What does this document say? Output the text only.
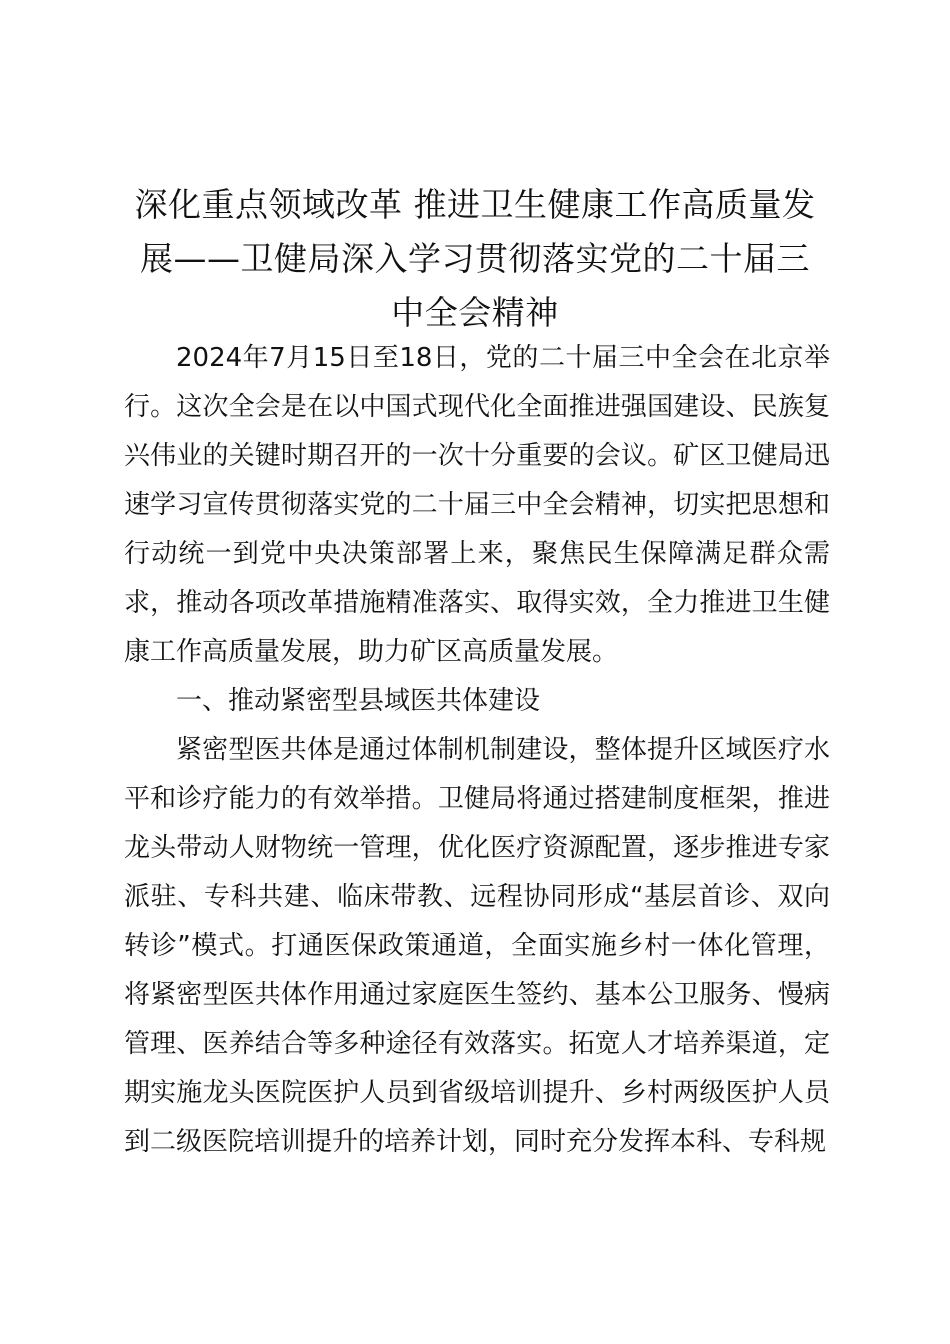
深化重点领域改革 推进卫生健康工作高质量发展——卫健局深入学习贯彻落实党的二十届三中全会精神

2024年7月15日至18日，党的二十届三中全会在北京举行。这次全会是在以中国式现代化全面推进强国建设、民族复兴伟业的关键时期召开的一次十分重要的会议。矿区卫健局迅速学习宣传贯彻落实党的二十届三中全会精神，切实把思想和行动统一到党中央决策部署上来，聚焦民生保障满足群众需求，推动各项改革措施精准落实、取得实效，全力推进卫生健康工作高质量发展，助力矿区高质量发展。

一、推动紧密型县域医共体建设

紧密型医共体是通过体制机制建设，整体提升区域医疗水平和诊疗能力的有效举措。卫健局将通过搭建制度框架，推进龙头带动人财物统一管理，优化医疗资源配置，逐步推进专家派驻、专科共建、临床带教、远程协同形成“基层首诊、双向转诊”模式。打通医保政策通道，全面实施乡村一体化管理，将紧密型医共体作用通过家庭医生签约、基本公卫服务、慢病管理、医养结合等多种途径有效落实。拓宽人才培养渠道，定期实施龙头医院医护人员到省级培训提升、乡村两级医护人员到二级医院培训提升的培养计划，同时充分发挥本科、专科规
